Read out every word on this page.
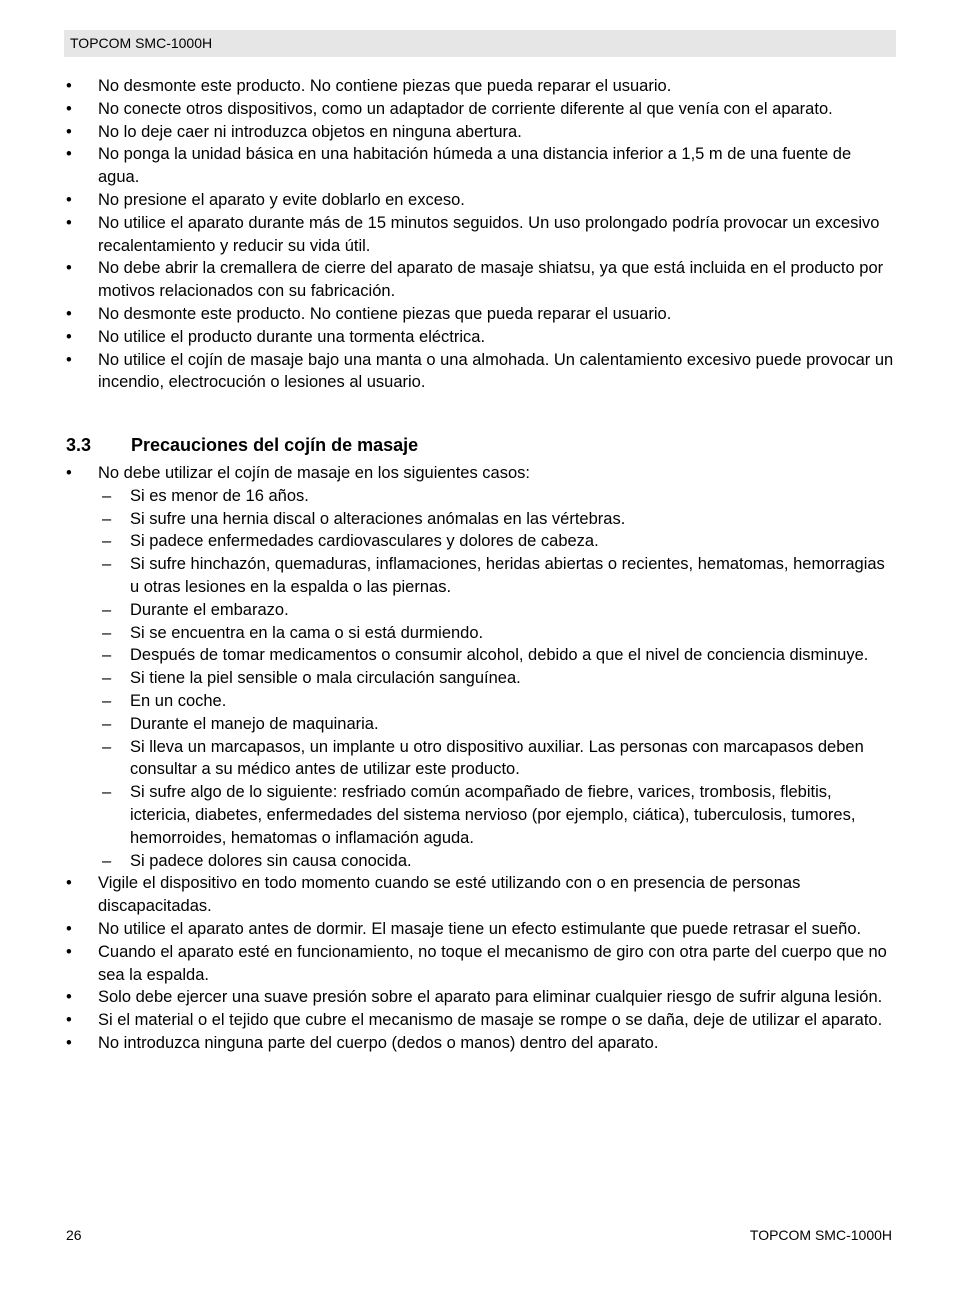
TOPCOM SMC-1000H
• No desmonte este producto. No contiene piezas que pueda reparar el usuario.
• No conecte otros dispositivos, como un adaptador de corriente diferente al que venía con el aparato.
• No lo deje caer ni introduzca objetos en ninguna abertura.
• No ponga la unidad básica en una habitación húmeda a una distancia inferior a 1,5 m de una fuente de agua.
• No presione el aparato y evite doblarlo en exceso.
• No utilice el aparato durante más de 15 minutos seguidos. Un uso prolongado podría provocar un excesivo recalentamiento y reducir su vida útil.
• No debe abrir la cremallera de cierre del aparato de masaje shiatsu, ya que está incluida en el producto por motivos relacionados con su fabricación.
• No desmonte este producto. No contiene piezas que pueda reparar el usuario.
• No utilice el producto durante una tormenta eléctrica.
• No utilice el cojín de masaje bajo una manta o una almohada. Un calentamiento excesivo puede provocar un incendio, electrocución o lesiones al usuario.
3.3 Precauciones del cojín de masaje
• No debe utilizar el cojín de masaje en los siguientes casos:
– Si es menor de 16 años.
– Si sufre una hernia discal o alteraciones anómalas en las vértebras.
– Si padece enfermedades cardiovasculares y dolores de cabeza.
– Si sufre hinchazón, quemaduras, inflamaciones, heridas abiertas o recientes, hematomas, hemorragias u otras lesiones en la espalda o las piernas.
– Durante el embarazo.
– Si se encuentra en la cama o si está durmiendo.
– Después de tomar medicamentos o consumir alcohol, debido a que el nivel de conciencia disminuye.
– Si tiene la piel sensible o mala circulación sanguínea.
– En un coche.
– Durante el manejo de maquinaria.
– Si lleva un marcapasos, un implante u otro dispositivo auxiliar. Las personas con marcapasos deben consultar a su médico antes de utilizar este producto.
– Si sufre algo de lo siguiente: resfriado común acompañado de fiebre, varices, trombosis, flebitis, ictericia, diabetes, enfermedades del sistema nervioso (por ejemplo, ciática), tuberculosis, tumores, hemorroides, hematomas o inflamación aguda.
– Si padece dolores sin causa conocida.
• Vigile el dispositivo en todo momento cuando se esté utilizando con o en presencia de personas discapacitadas.
• No utilice el aparato antes de dormir. El masaje tiene un efecto estimulante que puede retrasar el sueño.
• Cuando el aparato esté en funcionamiento, no toque el mecanismo de giro con otra parte del cuerpo que no sea la espalda.
• Solo debe ejercer una suave presión sobre el aparato para eliminar cualquier riesgo de sufrir alguna lesión.
• Si el material o el tejido que cubre el mecanismo de masaje se rompe o se daña, deje de utilizar el aparato.
• No introduzca ninguna parte del cuerpo (dedos o manos) dentro del aparato.
26	TOPCOM SMC-1000H
